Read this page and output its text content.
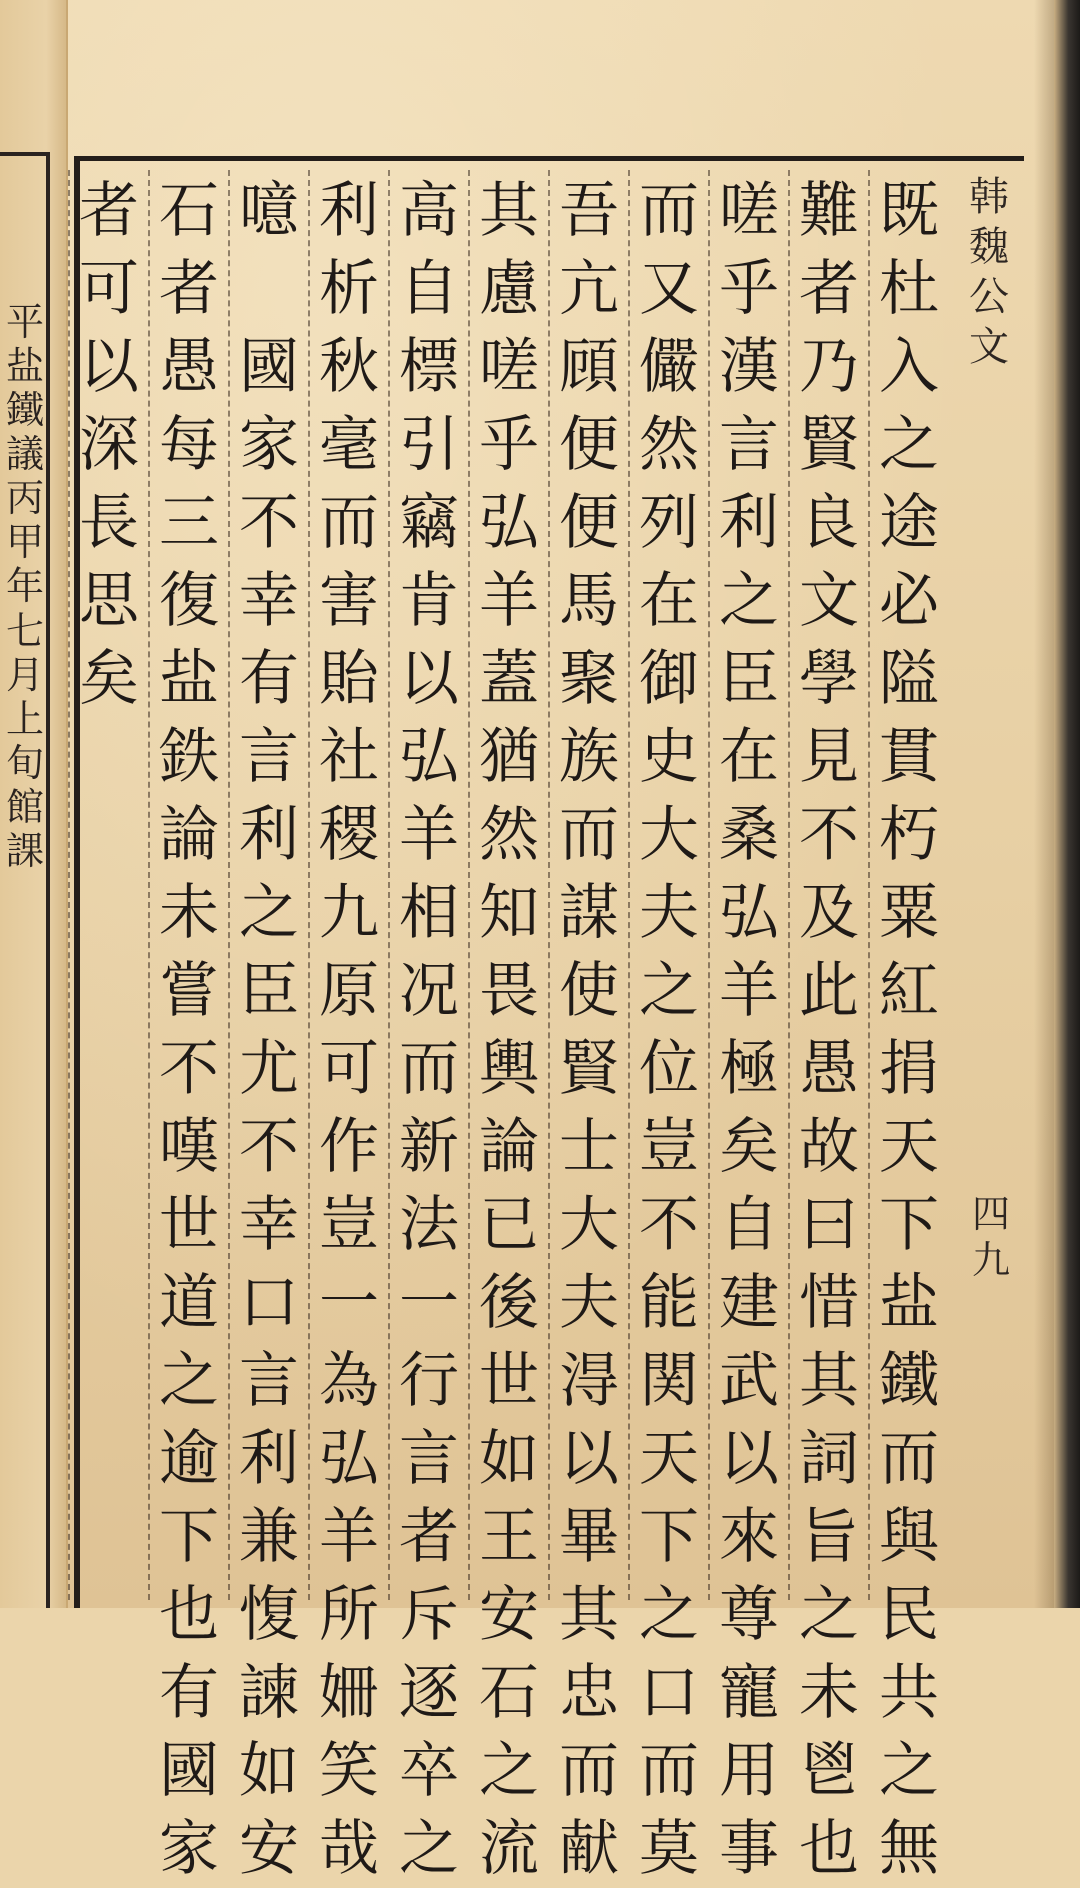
平
盐
鐵
議
丙
甲
年
七
月
上
旬
館
課
韩
魏
公
文
四
九
既
杜
入
之
途
必
隘
貫
朽
粟
紅
捐
天
下
盐
鐵
而
與
民
共
之
無
難
者
乃
賢
良
文
學
見
不
及
此
愚
故
曰
惜
其
詞
旨
之
未
鬯
也
嗟
乎
漢
言
利
之
臣
在
桑
弘
羊
極
矣
自
建
武
以
來
尊
寵
用
事
而
又
儼
然
列
在
御
史
大
夫
之
位
豈
不
能
関
天
下
之
口
而
莫
吾
亢
頋
便
便
馬
聚
族
而
謀
使
賢
士
大
夫
淂
以
畢
其
忠
而
献
其
慮
嗟
乎
弘
羊
蓋
猶
然
知
畏
輿
論
已
後
世
如
王
安
石
之
流
高
自
標
引
竊
肯
以
弘
羊
相
况
而
新
法
一
行
言
者
斥
逐
卒
之
利
析
秋
毫
而
害
貽
社
稷
九
原
可
作
豈
一
為
弘
羊
所
姍
笑
哉
噫

國
家
不
幸
有
言
利
之
臣
尤
不
幸
口
言
利
兼
愎
諫
如
安
石
者
愚
每
三
復
盐
鉄
論
未
嘗
不
嘆
世
道
之
逾
下
也
有
國
家
者
可
以
深
長
思
矣
